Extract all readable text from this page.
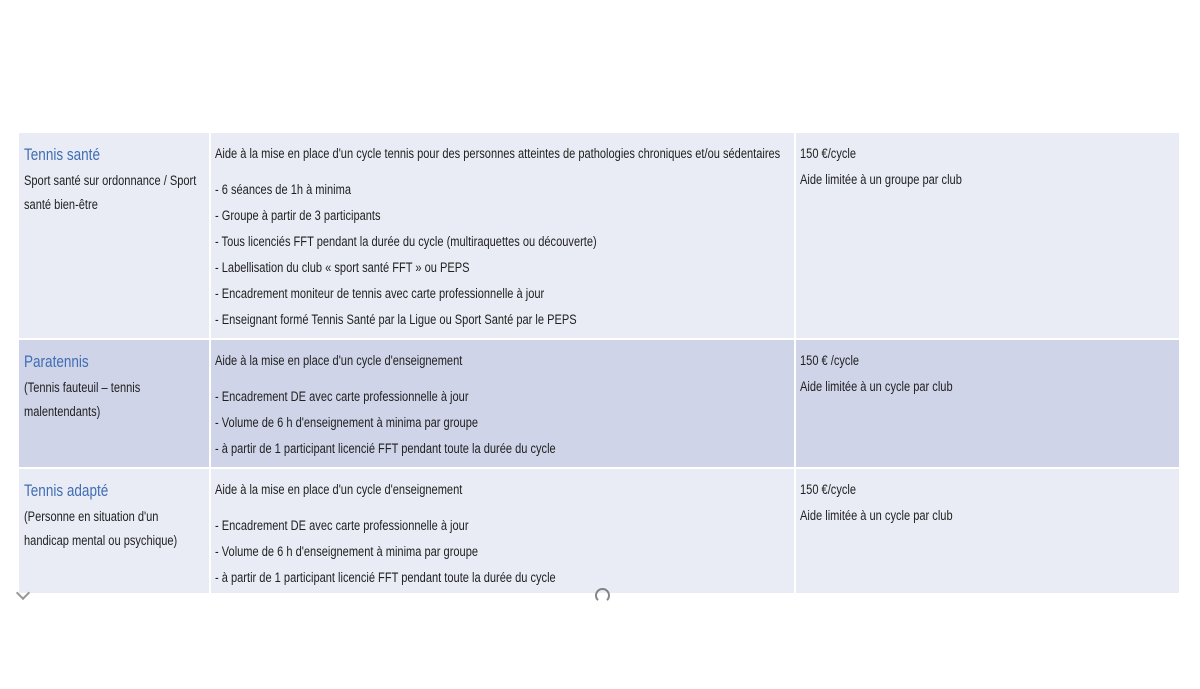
Tennis santé
Sport santé sur ordonnance / Sport santé bien-être
Aide à la mise en place d'un cycle tennis pour des personnes atteintes de pathologies chroniques et/ou sédentaires
- 6 séances de 1h à minima
- Groupe à partir de 3 participants
- Tous licenciés FFT pendant la durée du cycle (multiraquettes ou découverte)
- Labellisation du club « sport santé FFT » ou PEPS
- Encadrement moniteur de tennis avec carte professionnelle à jour
- Enseignant formé Tennis Santé par la Ligue ou Sport Santé par le PEPS
150 €/cycle
Aide limitée à un groupe par club
Paratennis
(Tennis fauteuil – tennis malentendants)
Aide à la mise en place d'un cycle d'enseignement
- Encadrement DE avec carte professionnelle à jour
- Volume de 6 h d'enseignement à minima par groupe
- à partir de 1 participant licencié FFT pendant toute la durée du cycle
150 € /cycle
Aide limitée à un cycle par club
Tennis adapté
(Personne en situation d'un handicap mental ou psychique)
Aide à la mise en place d'un cycle d'enseignement
- Encadrement DE avec carte professionnelle à jour
- Volume de 6 h d'enseignement à minima par groupe
- à partir de 1 participant licencié FFT pendant toute la durée du cycle
150 €/cycle
Aide limitée à un cycle par club
